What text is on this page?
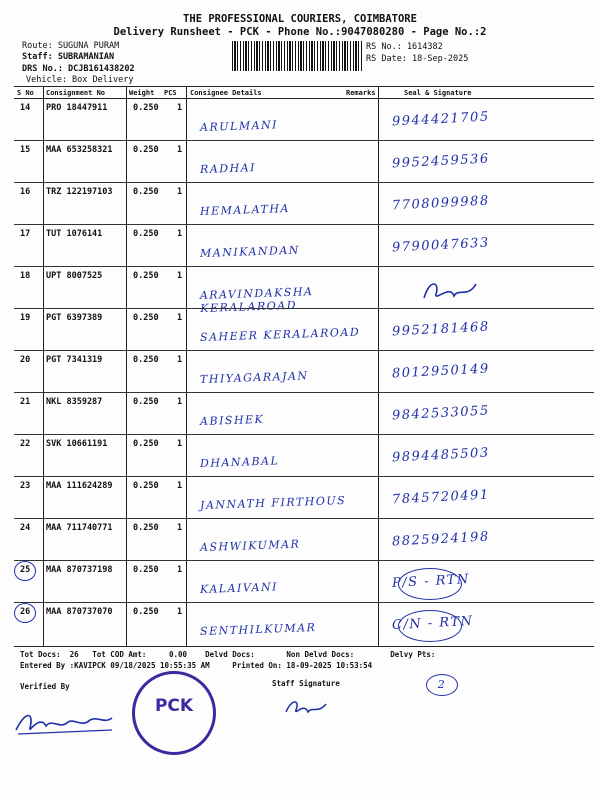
THE PROFESSIONAL COURIERS, COIMBATORE
Delivery Runsheet - PCK - Phone No.:9047080280 - Page No.:2
Route: SUGUNA PURAM
Staff: SUBRAMANIAN
DRS No.: DCJB161438202
Vehicle: Box Delivery
RS No.: 1614382
RS Date: 18-Sep-2025
S No Consignment No	Weight PCS Consignee Details	Remarks	Seal & Signature
14 PRO 18447911	0.250 1
ARULMANI	9944421705
15 MAA 653258321 0.250 1
RADHAI	9952459536
16 TRZ 122197103 0.250 1
HEMALATHA	7708099988
17 TUT 1076141	0.250 1
MANIKANDAN	9790047633
18 UPT 8007525	0.250 1
ARAVINDAKSHA KERALAROAD
19 PGT 6397389	0.250 1
SAHEER KERALAROAD	9952181468
20 PGT 7341319	0.250 1
THIYAGARAJAN	8012950149
21 NKL 8359287	0.250 1
ABISHEK	9842533055
22 SVK 10661191	0.250 1
DHANABAL	9894485503
23 MAA 111624289 0.250 1
JANNATH FIRTHOUS	7845720491
24 MAA 711740771 0.250 1
ASHWIKUMAR	8825924198
25 MAA 870737198 0.250 1
KALAIVANI	P/S - RTN
26 MAA 870737070 0.250 1
SENTHILKUMAR	C/N - RTN
Tot Docs:  26   Tot COD Amt:     0.00    Delvd Docs:       Non Delvd Docs:        Delvy Pts:
Entered By :KAVIPCK 09/18/2025 10:55:35 AM     Printed On: 18-09-2025 10:53:54
Verified By	Staff Signature
PCK
2
